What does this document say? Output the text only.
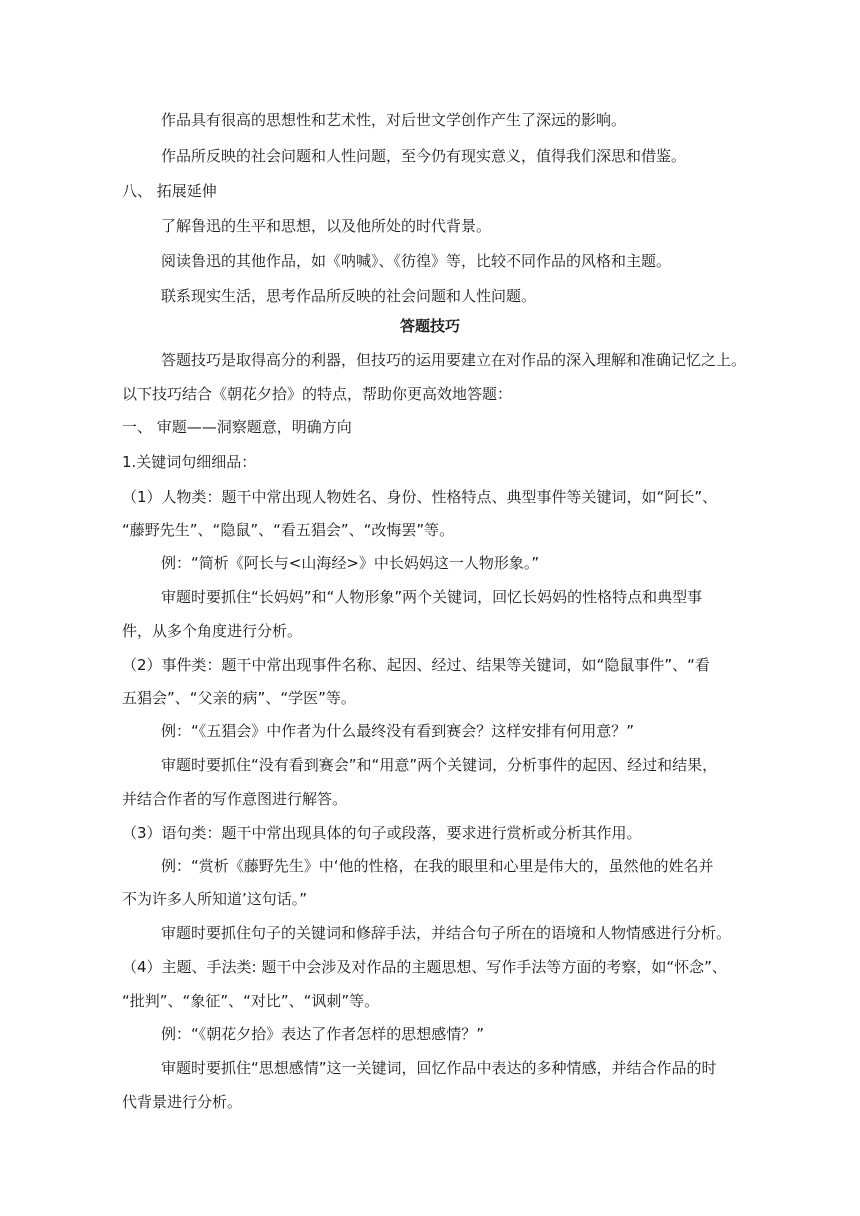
作品具有很高的思想性和艺术性，对后世文学创作产生了深远的影响。
作品所反映的社会问题和人性问题，至今仍有现实意义，值得我们深思和借鉴。
八、 拓展延伸
了解鲁迅的生平和思想，以及他所处的时代背景。
阅读鲁迅的其他作品，如《呐喊》、《彷徨》等，比较不同作品的风格和主题。
联系现实生活，思考作品所反映的社会问题和人性问题。
答题技巧
答题技巧是取得高分的利器，但技巧的运用要建立在对作品的深入理解和准确记忆之上。
以下技巧结合《朝花夕拾》的特点，帮助你更高效地答题：
一、 审题——洞察题意，明确方向
1.关键词句细细品：
（1）人物类：题干中常出现人物姓名、身份、性格特点、典型事件等关键词，如“阿长”、
“藤野先生”、“隐鼠”、“看五猖会”、“改悔罢”等。
例：“简析《阿长与<山海经>》中长妈妈这一人物形象。”
审题时要抓住“长妈妈”和“人物形象”两个关键词，回忆长妈妈的性格特点和典型事
件，从多个角度进行分析。
（2）事件类：题干中常出现事件名称、起因、经过、结果等关键词，如“隐鼠事件”、“看
五猖会”、“父亲的病”、“学医”等。
例：“《五猖会》中作者为什么最终没有看到赛会？这样安排有何用意？”
审题时要抓住“没有看到赛会”和“用意”两个关键词，分析事件的起因、经过和结果，
并结合作者的写作意图进行解答。
（3）语句类：题干中常出现具体的句子或段落，要求进行赏析或分析其作用。
例：“赏析《藤野先生》中‘他的性格，在我的眼里和心里是伟大的，虽然他的姓名并
不为许多人所知道’这句话。”
审题时要抓住句子的关键词和修辞手法，并结合句子所在的语境和人物情感进行分析。
（4）主题、手法类: 题干中会涉及对作品的主题思想、写作手法等方面的考察，如“怀念”、
“批判”、“象征”、“对比”、“讽刺”等。
例：“《朝花夕拾》表达了作者怎样的思想感情？”
审题时要抓住“思想感情”这一关键词，回忆作品中表达的多种情感，并结合作品的时
代背景进行分析。
